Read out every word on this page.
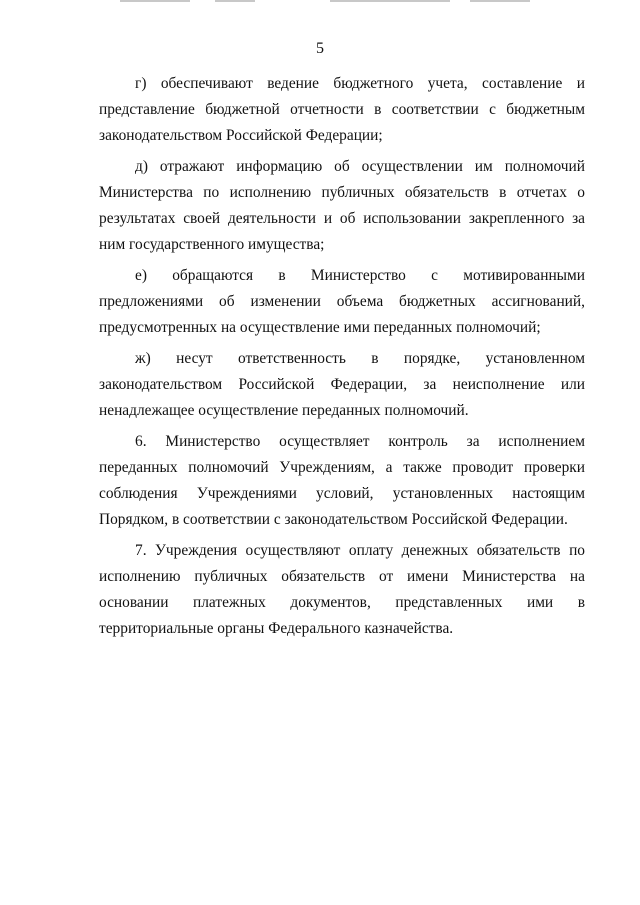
5

г) обеспечивают ведение бюджетного учета, составление и представление бюджетной отчетности в соответствии с бюджетным законодательством Российской Федерации;

д) отражают информацию об осуществлении им полномочий Министерства по исполнению публичных обязательств в отчетах о результатах своей деятельности и об использовании закрепленного за ним государственного имущества;

е) обращаются в Министерство с мотивированными предложениями об изменении объема бюджетных ассигнований, предусмотренных на осуществление ими переданных полномочий;

ж) несут ответственность в порядке, установленном законодательством Российской Федерации, за неисполнение или ненадлежащее осуществление переданных полномочий.

6. Министерство осуществляет контроль за исполнением переданных полномочий Учреждениям, а также проводит проверки соблюдения Учреждениями условий, установленных настоящим Порядком, в соответствии с законодательством Российской Федерации.

7. Учреждения осуществляют оплату денежных обязательств по исполнению публичных обязательств от имени Министерства на основании платежных документов, представленных ими в территориальные органы Федерального казначейства.
